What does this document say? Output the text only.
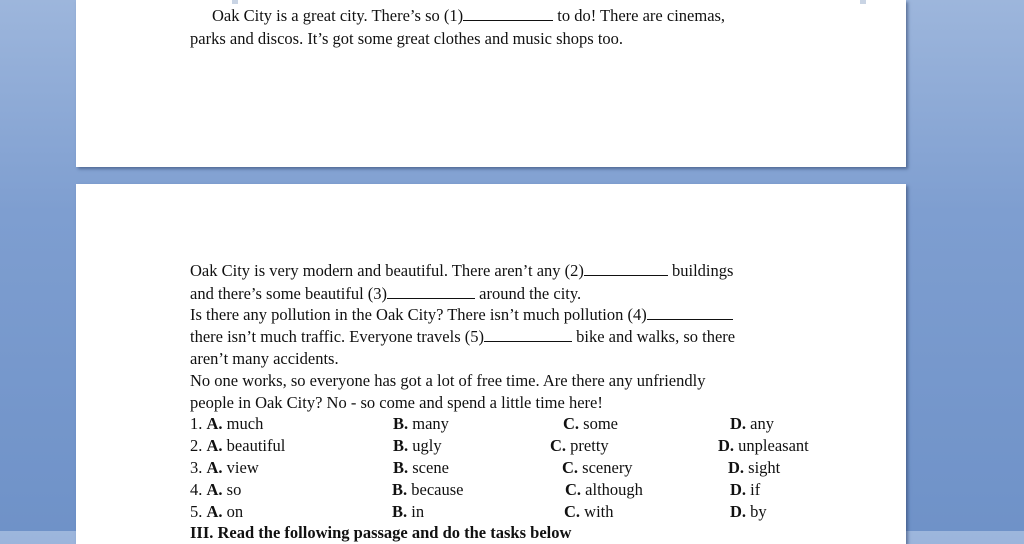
Oak City is a great city. There’s so (1)	to do! There are cinemas,
parks and discos. It’s got some great clothes and music shops too.
Oak City is very modern and beautiful. There aren’t any (2)	buildings
and there’s some beautiful (3)	around the city.
Is there any pollution in the Oak City? There isn’t much pollution (4)
there isn’t much traffic. Everyone travels (5)	bike and walks, so there
aren’t many accidents.
No one works, so everyone has got a lot of free time. Are there any unfriendly
people in Oak City? No - so come and spend a little time here!
1. A. much	B. many	C. some	D. any
2. A. beautiful	B. ugly	C. pretty	D. unpleasant
3. A. view	B. scene	C. scenery	D. sight
4. A. so	B. because	C. although	D. if
5. A. on	B. in	C. with	D. by
III. Read the following passage and do the tasks below
